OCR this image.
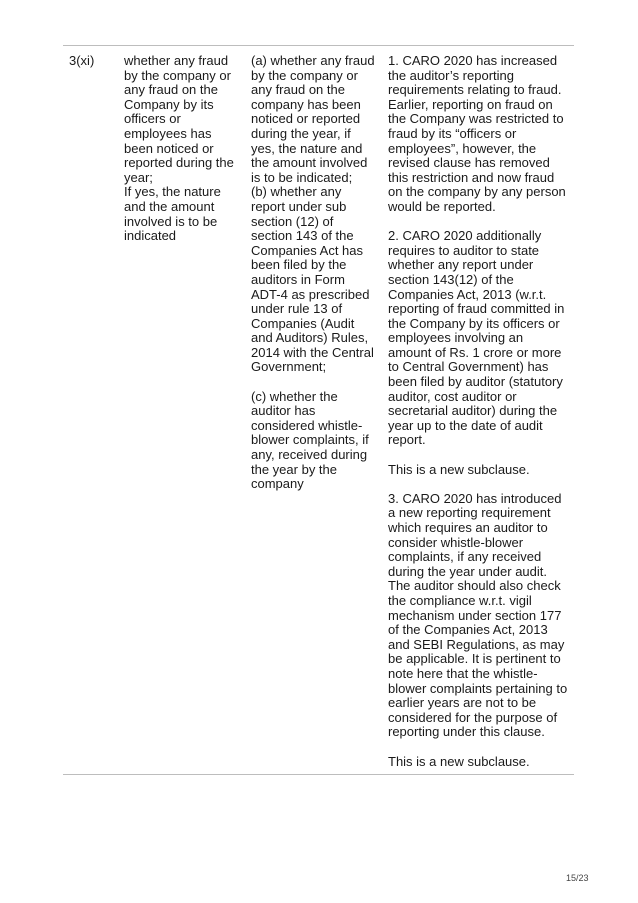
3(xi)	whether any fraud
by the company or
any fraud on the
Company by its
officers or
employees has
been noticed or
reported during the
year;
If yes, the nature
and the amount
involved is to be
indicated

(a) whether any fraud
by the company or
any fraud on the
company has been
noticed or reported
during the year, if
yes, the nature and
the amount involved
is to be indicated;
(b) whether any
report under sub
section (12) of
section 143 of the
Companies Act has
been filed by the
auditors in Form
ADT-4 as prescribed
under rule 13 of
Companies (Audit
and Auditors) Rules,
2014 with the Central
Government;

(c) whether the
auditor has
considered whistle-
blower complaints, if
any, received during
the year by the
company

1. CARO 2020 has increased
the auditor’s reporting
requirements relating to fraud.
Earlier, reporting on fraud on
the Company was restricted to
fraud by its “officers or
employees”, however, the
revised clause has removed
this restriction and now fraud
on the company by any person
would be reported.

2. CARO 2020 additionally
requires to auditor to state
whether any report under
section 143(12) of the
Companies Act, 2013 (w.r.t.
reporting of fraud committed in
the Company by its officers or
employees involving an
amount of Rs. 1 crore or more
to Central Government) has
been filed by auditor (statutory
auditor, cost auditor or
secretarial auditor) during the
year up to the date of audit
report.

This is a new subclause.

3. CARO 2020 has introduced
a new reporting requirement
which requires an auditor to
consider whistle-blower
complaints, if any received
during the year under audit.
The auditor should also check
the compliance w.r.t. vigil
mechanism under section 177
of the Companies Act, 2013
and SEBI Regulations, as may
be applicable. It is pertinent to
note here that the whistle-
blower complaints pertaining to
earlier years are not to be
considered for the purpose of
reporting under this clause.

This is a new subclause.

15/23
